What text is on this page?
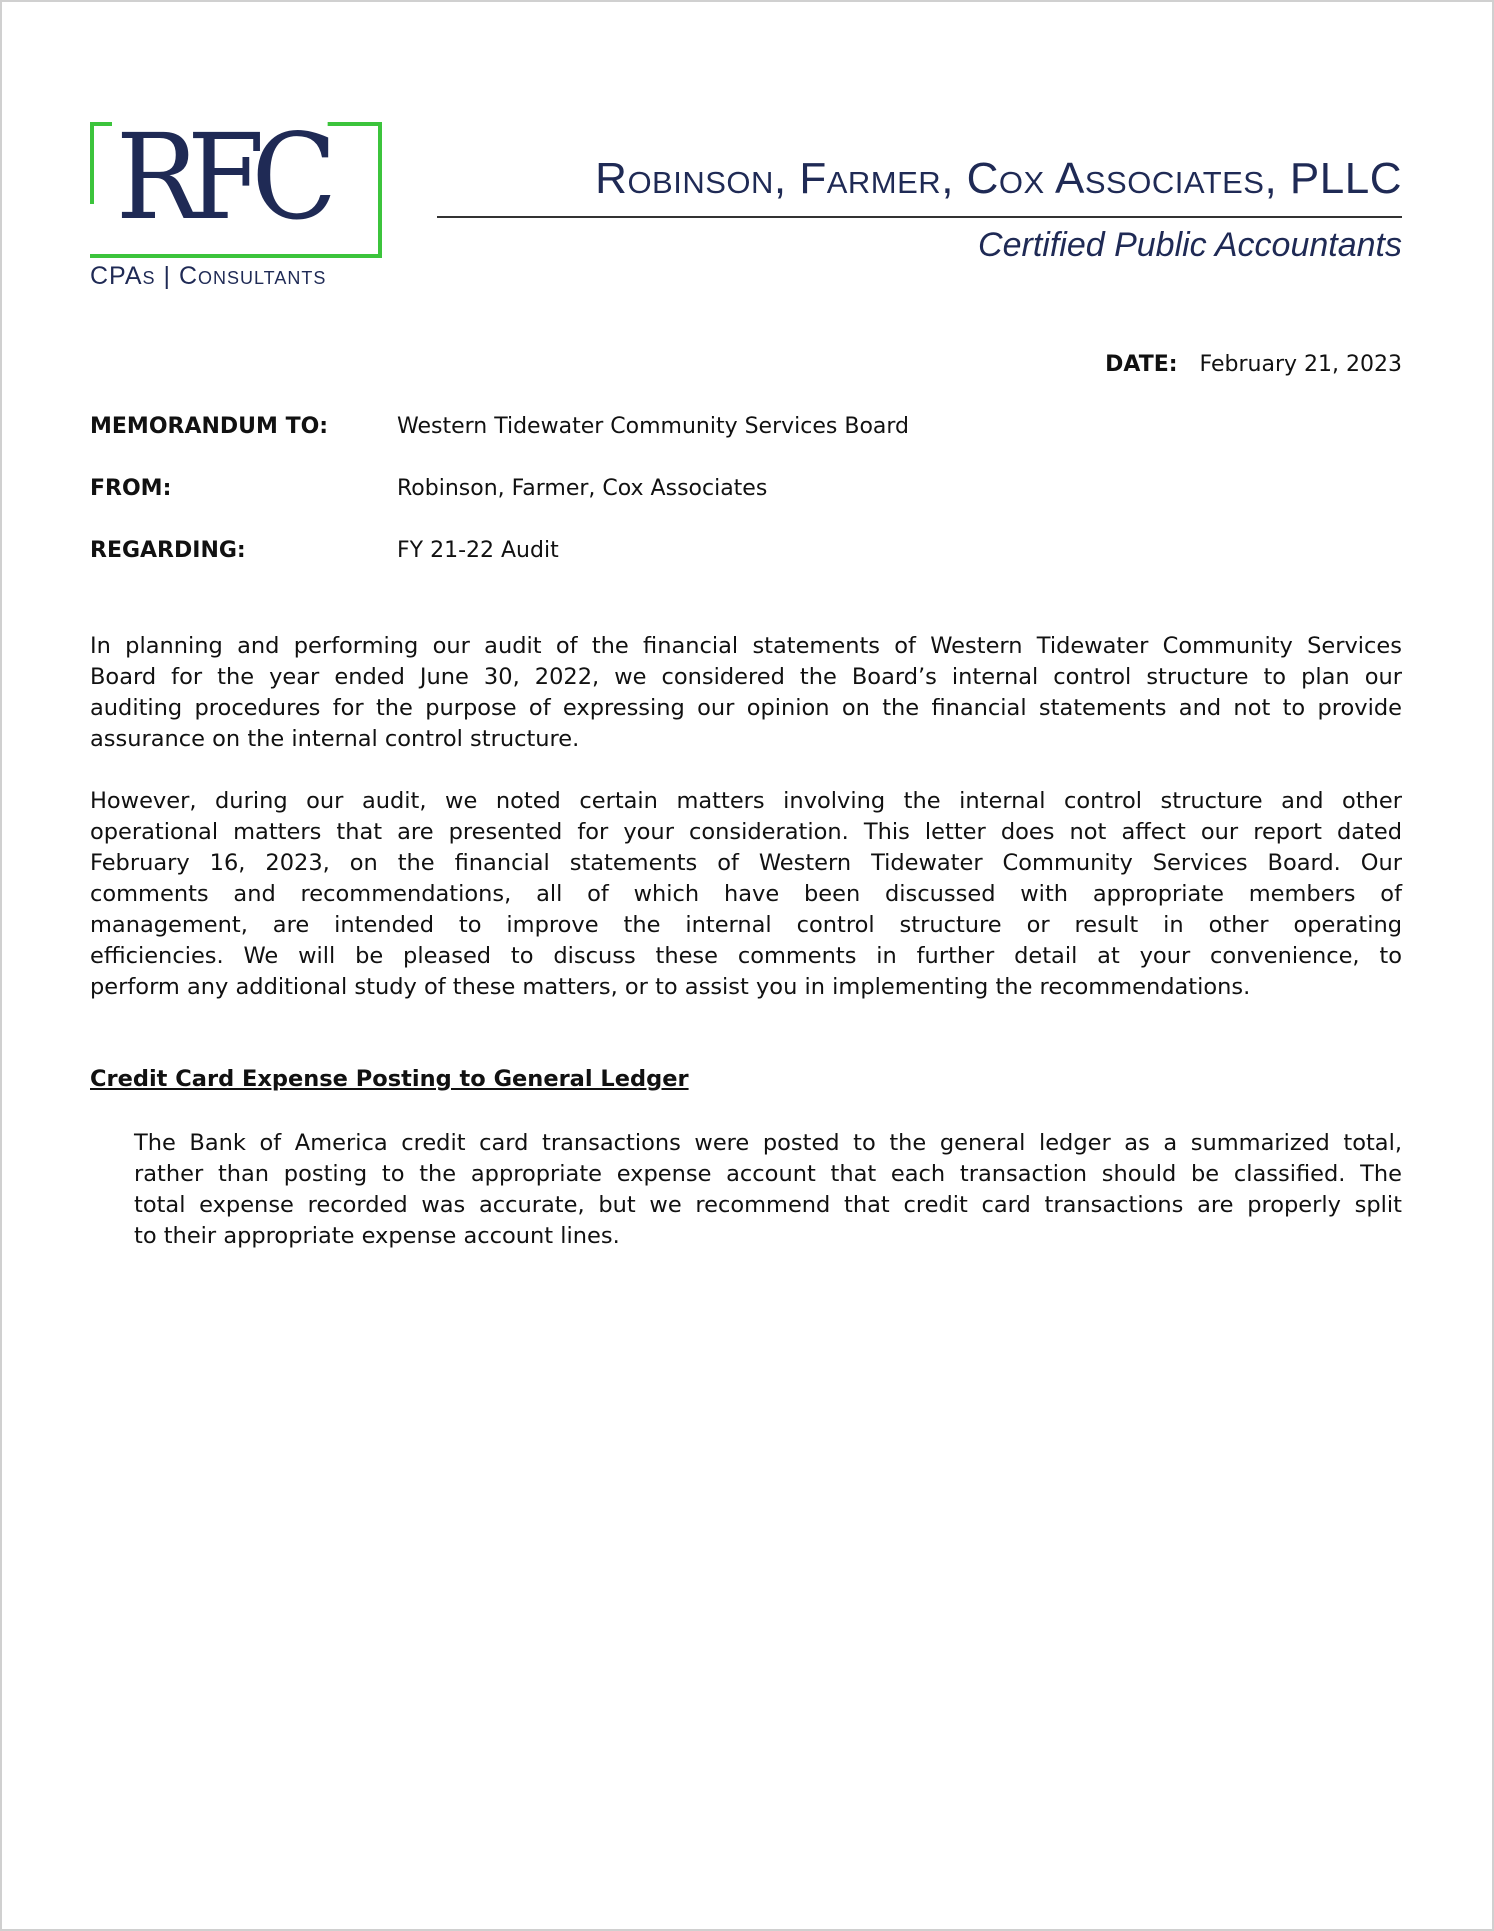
RFC
CPAs | Consultants
Robinson, Farmer, Cox Associates, PLLC
Certified Public Accountants
DATE: February 21, 2023
MEMORANDUM TO:	Western Tidewater Community Services Board
FROM:	Robinson, Farmer, Cox Associates
REGARDING:	FY 21-22 Audit
In planning and performing our audit of the financial statements of Western Tidewater Community Services
Board for the year ended June 30, 2022, we considered the Board’s internal control structure to plan our
auditing procedures for the purpose of expressing our opinion on the financial statements and not to provide
assurance on the internal control structure.
However, during our audit, we noted certain matters involving the internal control structure and other
operational matters that are presented for your consideration. This letter does not affect our report dated
February 16, 2023, on the financial statements of Western Tidewater Community Services Board. Our
comments and recommendations, all of which have been discussed with appropriate members of
management, are intended to improve the internal control structure or result in other operating
efficiencies. We will be pleased to discuss these comments in further detail at your convenience, to
perform any additional study of these matters, or to assist you in implementing the recommendations.
Credit Card Expense Posting to General Ledger
The Bank of America credit card transactions were posted to the general ledger as a summarized total,
rather than posting to the appropriate expense account that each transaction should be classified. The
total expense recorded was accurate, but we recommend that credit card transactions are properly split
to their appropriate expense account lines.
